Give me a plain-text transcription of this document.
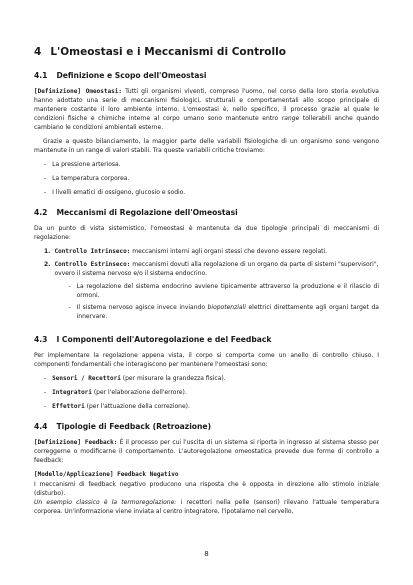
4 L'Omeostasi e i Meccanismi di Controllo
4.1 Definizione e Scopo dell'Omeostasi

[Definizione] Omeostasi: Tutti gli organismi viventi, compreso l'uomo, nel corso della loro storia evolutiva hanno adottato una serie di meccanismi fisiologici, strutturali e comportamentali allo scopo principale di mantenere costante il loro ambiente interno. L'omeostasi è, nello specifico, il processo grazie al quale le condizioni fisiche e chimiche interne al corpo umano sono mantenute entro range tollerabili anche quando cambiano le condizioni ambientali esterne.

Grazie a questo bilanciamento, la maggior parte delle variabili fisiologiche di un organismo sono vengono mantenute in un range di valori stabili. Tra queste variabili critiche troviamo:

- La pressione arteriosa.
- La temperatura corporea.
- I livelli ematici di ossigeno, glucosio e sodio.
4.2 Meccanismi di Regolazione dell'Omeostasi

Da un punto di vista sistemistico, l'omeostasi è mantenuta da due tipologie principali di meccanismi di regolazione:

1. Controllo Intrinseco: meccanismi interni agli organi stessi che devono essere regolati.
2. Controllo Estrinseco: meccanismi dovuti alla regolazione di un organo da parte di sistemi "supervisori", ovvero il sistema nervoso e/o il sistema endocrino.
- La regolazione del sistema endocrino avviene tipicamente attraverso la produzione e il rilascio di ormoni.
- Il sistema nervoso agisce invece inviando biopotenziali elettrici direttamente agli organi target da innervare.
4.3 I Componenti dell'Autoregolazione e del Feedback

Per implementare la regolazione appena vista, il corpo si comporta come un anello di controllo chiuso. I componenti fondamentali che interagiscono per mantenere l'omeostasi sono:

- Sensori / Recettori (per misurare la grandezza fisica).
- Integratori (per l'elaborazione dell'errore).
- Effettori (per l'attuazione della correzione).
4.4 Tipologie di Feedback (Retroazione)

[Definizione] Feedback: È il processo per cui l'uscita di un sistema si riporta in ingresso al sistema stesso per correggerne o modificarne il comportamento. L'autoregolazione omeostatica prevede due forme di controllo a feedback:

[Modello/Applicazione] Feedback Negativo

I meccanismi di feedback negativo producono una risposta che è opposta in direzione allo stimolo iniziale (disturbo).

Un esempio classico è la termoregolazione: i recettori nella pelle (sensori) rilevano l'attuale temperatura corporea. Un'informazione viene inviata al centro integratore, l'ipotalamo nel cervello,

8
